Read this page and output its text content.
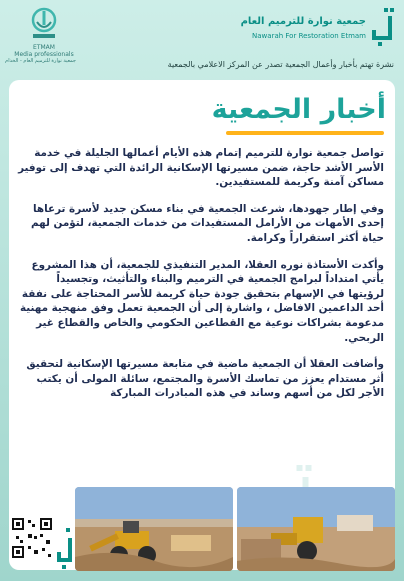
ETMAM
Media professionals
جمعية نوارة للترميم العام - الخدام
جمعية نوارة للترميم العام
Nawarah For Restoration Etmam
نشرة تهتم بأخبار وأعمال الجمعية تصدر عن المركز الاعلامي بالجمعية
أخبار الجمعية

تواصل جمعية نوارة للترميم إتمام هذه الأيام أعمالها الجليلة في خدمة الأسر الأشد حاجة، ضمن مسيرتها الإسكانية الرائدة التي تهدف إلى توفير مساكن آمنة وكريمة للمستفيدين.

وفي إطار جهودها، شرعت الجمعية في بناء مسكن جديد لأسرة ترعاها إحدى الأمهات من الأرامل المستفيدات من خدمات الجمعية، لتؤمن لهم حياة أكثر استقراراً وكرامة.

وأكدت الأستاذة نوره العقلا، المدير التنفيذي للجمعية، أن هذا المشروع يأتي امتداداً لبرامج الجمعية في الترميم والبناء والتأثيث، وتجسيداً لرؤيتها في الإسهام بتحقيق جودة حياة كريمة للأسر المحتاجة على نفقة أحد الداعمين الافاضل ، واشارة إلى أن الجمعية تعمل وفق منهجية مهنية مدعومة بشراكات نوعية مع القطاعين الحكومي والخاص والقطاع غير الربحي.

وأضافت العقلا أن الجمعية ماضية في متابعة مسيرتها الإسكانية لتحقيق أثر مستدام يعزز من تماسك الأسرة والمجتمع، سائلة المولى أن يكتب الأجر لكل من أسهم وساند في هذه المبادرات المباركة
